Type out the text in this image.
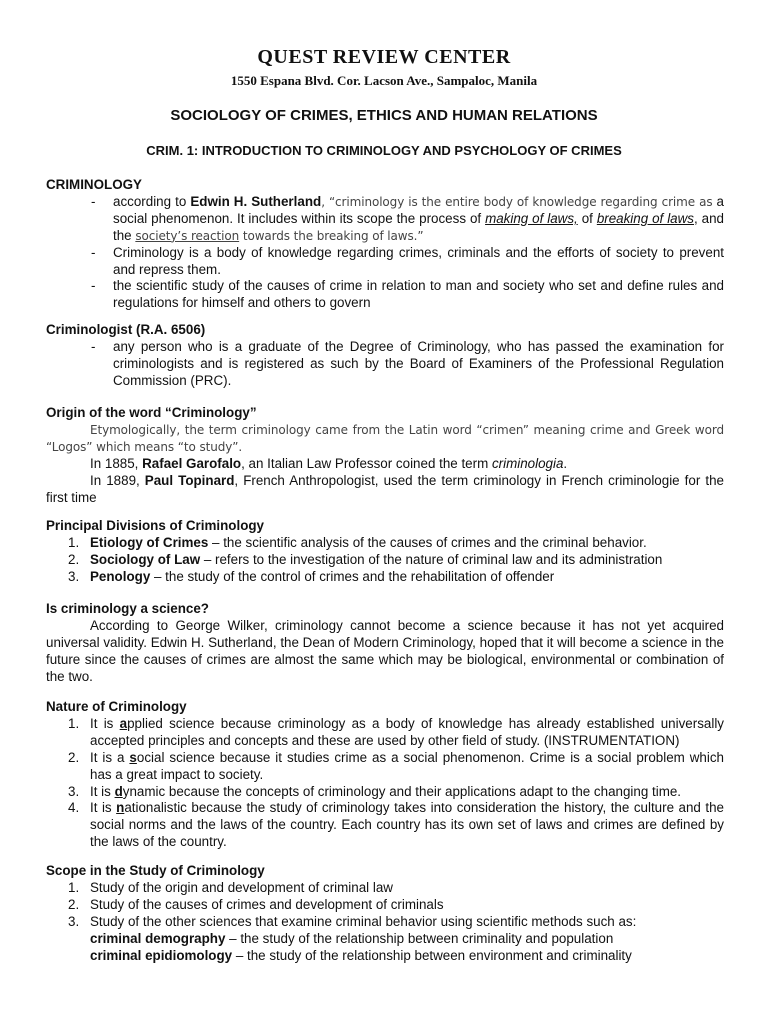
QUEST REVIEW CENTER
1550 Espana Blvd. Cor. Lacson Ave., Sampaloc, Manila
SOCIOLOGY OF CRIMES, ETHICS AND HUMAN RELATIONS
CRIM. 1: INTRODUCTION TO CRIMINOLOGY AND PSYCHOLOGY OF CRIMES
CRIMINOLOGY
- according to Edwin H. Sutherland, “criminology is the entire body of knowledge regarding crime as a social phenomenon. It includes within its scope the process of making of laws, of breaking of laws, and the society’s reaction towards the breaking of laws.”
- Criminology is a body of knowledge regarding crimes, criminals and the efforts of society to prevent and repress them.
- the scientific study of the causes of crime in relation to man and society who set and define rules and regulations for himself and others to govern
Criminologist (R.A. 6506)
- any person who is a graduate of the Degree of Criminology, who has passed the examination for criminologists and is registered as such by the Board of Examiners of the Professional Regulation Commission (PRC).
Origin of the word “Criminology”
Etymologically, the term criminology came from the Latin word “crimen” meaning crime and Greek word “Logos” which means “to study”.
In 1885, Rafael Garofalo, an Italian Law Professor coined the term criminologia.
In 1889, Paul Topinard, French Anthropologist, used the term criminology in French criminologie for the first time
Principal Divisions of Criminology
1. Etiology of Crimes – the scientific analysis of the causes of crimes and the criminal behavior.
2. Sociology of Law – refers to the investigation of the nature of criminal law and its administration
3. Penology – the study of the control of crimes and the rehabilitation of offender
Is criminology a science?
According to George Wilker, criminology cannot become a science because it has not yet acquired universal validity. Edwin H. Sutherland, the Dean of Modern Criminology, hoped that it will become a science in the future since the causes of crimes are almost the same which may be biological, environmental or combination of the two.
Nature of Criminology
1. It is applied science because criminology as a body of knowledge has already established universally accepted principles and concepts and these are used by other field of study. (INSTRUMENTATION)
2. It is a social science because it studies crime as a social phenomenon. Crime is a social problem which has a great impact to society.
3. It is dynamic because the concepts of criminology and their applications adapt to the changing time.
4. It is nationalistic because the study of criminology takes into consideration the history, the culture and the social norms and the laws of the country. Each country has its own set of laws and crimes are defined by the laws of the country.
Scope in the Study of Criminology
1. Study of the origin and development of criminal law
2. Study of the causes of crimes and development of criminals
3. Study of the other sciences that examine criminal behavior using scientific methods such as:
criminal demography – the study of the relationship between criminality and population
criminal epidiomology – the study of the relationship between environment and criminality
